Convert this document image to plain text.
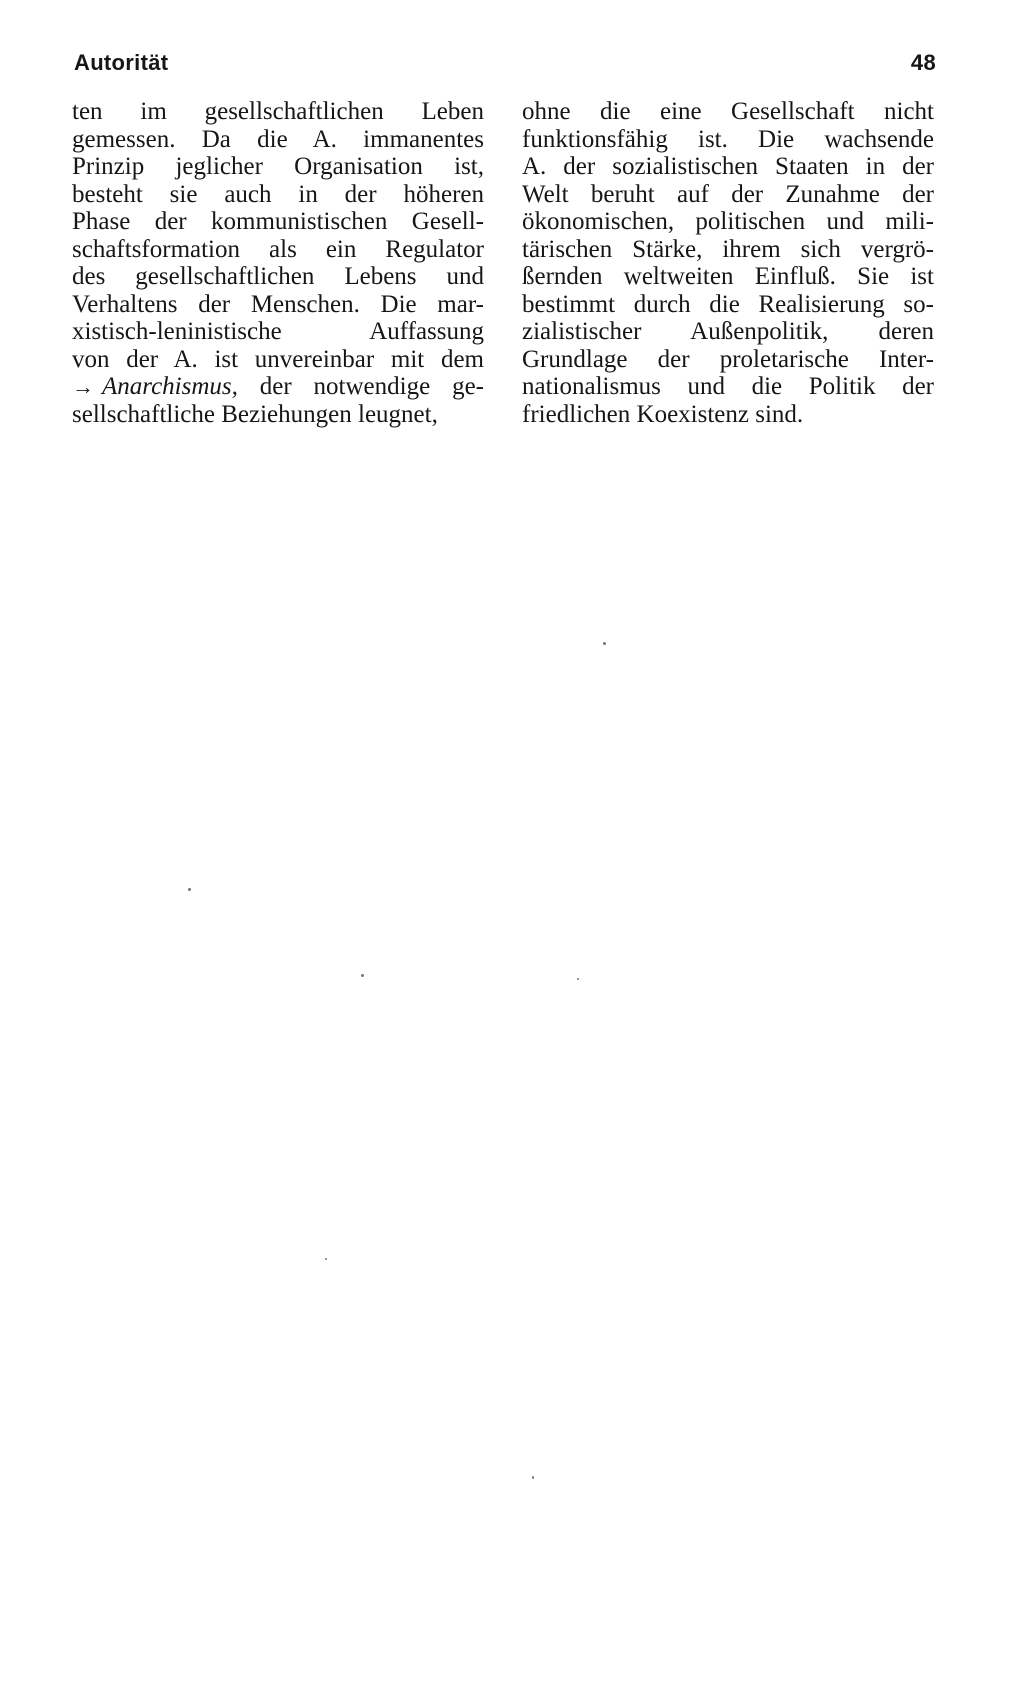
Autorität	48
ten im gesellschaftlichen Leben
gemessen. Da die A. immanentes
Prinzip jeglicher Organisation ist,
besteht sie auch in der höheren
Phase der kommunistischen Gesell-
schaftsformation als ein Regulator
des gesellschaftlichen Lebens und
Verhaltens der Menschen. Die mar-
xistisch-leninistische Auffassung
von der A. ist unvereinbar mit dem
→ Anarchismus, der notwendige ge-
sellschaftliche Beziehungen leugnet,
ohne die eine Gesellschaft nicht
funktionsfähig ist. Die wachsende
A. der sozialistischen Staaten in der
Welt beruht auf der Zunahme der
ökonomischen, politischen und mili-
tärischen Stärke, ihrem sich vergrö-
ßernden weltweiten Einfluß. Sie ist
bestimmt durch die Realisierung so-
zialistischer Außenpolitik, deren
Grundlage der proletarische Inter-
nationalismus und die Politik der
friedlichen Koexistenz sind.
